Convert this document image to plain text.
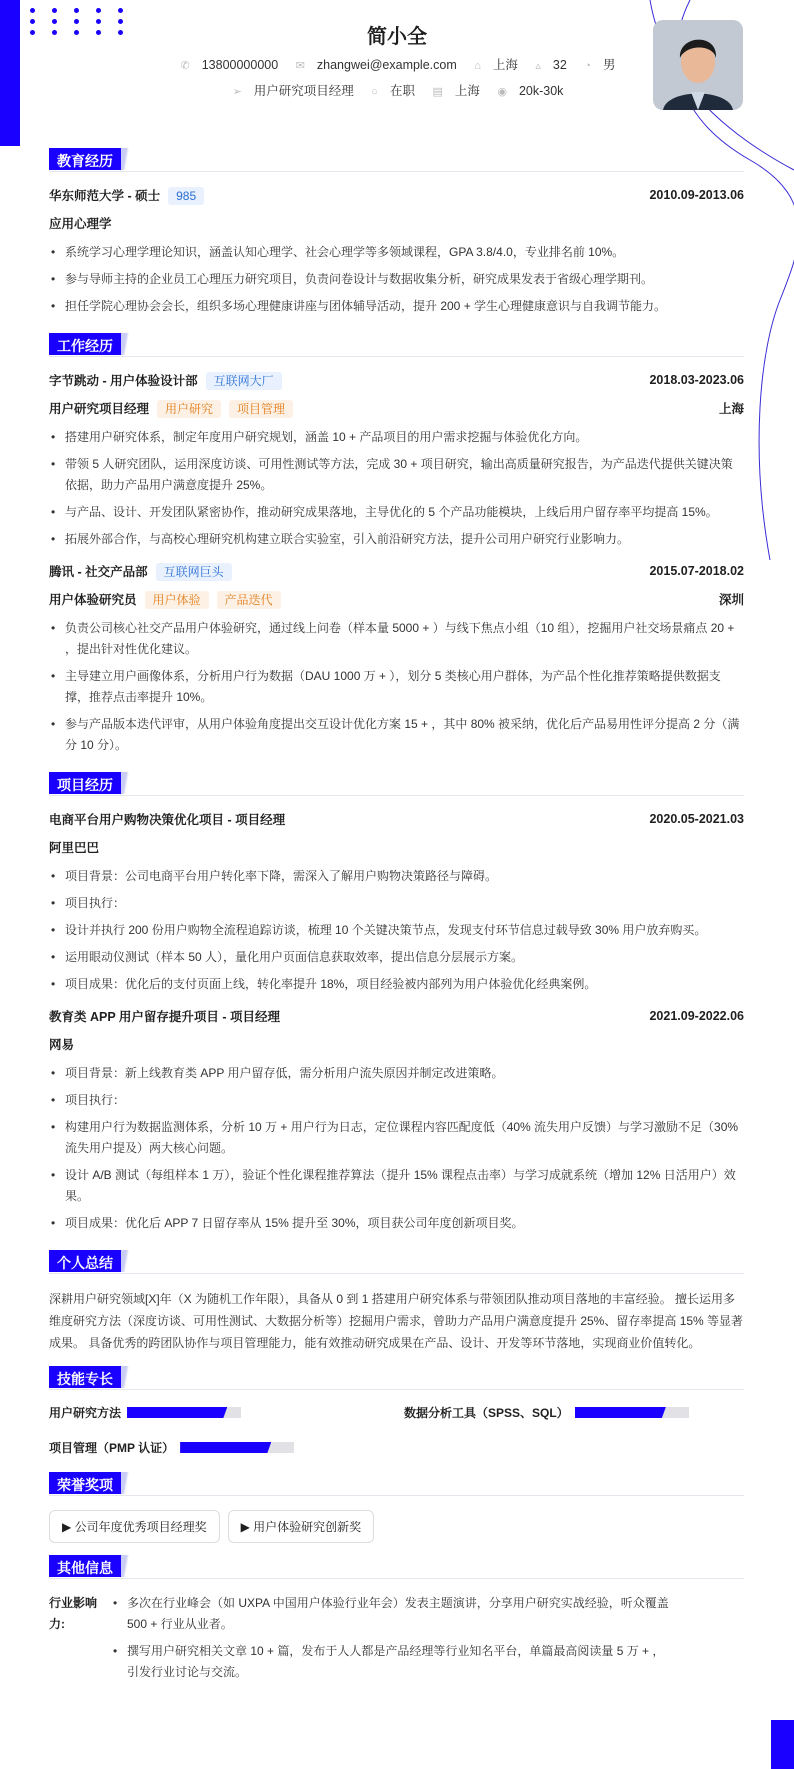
简小全
✆ 13800000000 ✉ zhangwei@example.com ⌂ 上海 ▵ 32 ◔ 男
➢ 用户研究项目经理 ○ 在职 ▤ 上海 ◉ 20k-30k
教育经历
华东师范大学 - 硕士 985	2010.09-2013.06
应用心理学
• 系统学习心理学理论知识，涵盖认知心理学、社会心理学等多领域课程，GPA 3.8/4.0，专业排名前 10%。
• 参与导师主持的企业员工心理压力研究项目，负责问卷设计与数据收集分析，研究成果发表于省级心理学期刊。
• 担任学院心理协会会长，组织多场心理健康讲座与团体辅导活动，提升 200 + 学生心理健康意识与自我调节能力。
工作经历
字节跳动 - 用户体验设计部 互联网大厂	2018.03-2023.06
用户研究项目经理 用户研究 项目管理	上海
• 搭建用户研究体系，制定年度用户研究规划，涵盖 10 + 产品项目的用户需求挖掘与体验优化方向。
• 带领 5 人研究团队，运用深度访谈、可用性测试等方法，完成 30 + 项目研究，输出高质量研究报告，为产品迭代提供关键决策依据，助力产品用户满意度提升 25%。
• 与产品、设计、开发团队紧密协作，推动研究成果落地，主导优化的 5 个产品功能模块，上线后用户留存率平均提高 15%。
• 拓展外部合作，与高校心理研究机构建立联合实验室，引入前沿研究方法，提升公司用户研究行业影响力。
腾讯 - 社交产品部 互联网巨头	2015.07-2018.02
用户体验研究员 用户体验 产品迭代	深圳
• 负责公司核心社交产品用户体验研究，通过线上问卷（样本量 5000 + ）与线下焦点小组（10 组），挖掘用户社交场景痛点 20 + ，提出针对性优化建议。
• 主导建立用户画像体系，分析用户行为数据（DAU 1000 万 + ），划分 5 类核心用户群体，为产品个性化推荐策略提供数据支撑，推荐点击率提升 10%。
• 参与产品版本迭代评审，从用户体验角度提出交互设计优化方案 15 + ，其中 80% 被采纳，优化后产品易用性评分提高 2 分（满分 10 分）。
项目经历
电商平台用户购物决策优化项目 - 项目经理	2020.05-2021.03
阿里巴巴
• 项目背景：公司电商平台用户转化率下降，需深入了解用户购物决策路径与障碍。
• 项目执行：
• 设计并执行 200 份用户购物全流程追踪访谈，梳理 10 个关键决策节点，发现支付环节信息过载导致 30% 用户放弃购买。
• 运用眼动仪测试（样本 50 人），量化用户页面信息获取效率，提出信息分层展示方案。
• 项目成果：优化后的支付页面上线，转化率提升 18%，项目经验被内部列为用户体验优化经典案例。
教育类 APP 用户留存提升项目 - 项目经理	2021.09-2022.06
网易
• 项目背景：新上线教育类 APP 用户留存低，需分析用户流失原因并制定改进策略。
• 项目执行：
• 构建用户行为数据监测体系，分析 10 万 + 用户行为日志，定位课程内容匹配度低（40% 流失用户反馈）与学习激励不足（30% 流失用户提及）两大核心问题。
• 设计 A/B 测试（每组样本 1 万），验证个性化课程推荐算法（提升 15% 课程点击率）与学习成就系统（增加 12% 日活用户）效果。
• 项目成果：优化后 APP 7 日留存率从 15% 提升至 30%，项目获公司年度创新项目奖。
个人总结

深耕用户研究领域[X]年（X 为随机工作年限），具备从 0 到 1 搭建用户研究体系与带领团队推动项目落地的丰富经验。 擅长运用多维度研究方法（深度访谈、可用性测试、大数据分析等）挖掘用户需求，曾助力产品用户满意度提升 25%、留存率提高 15% 等显著成果。 具备优秀的跨团队协作与项目管理能力，能有效推动研究成果在产品、设计、开发等环节落地，实现商业价值转化。

技能专长
用户研究方法	数据分析工具（SPSS、SQL）
项目管理（PMP 认证）
荣誉奖项
▶ 公司年度优秀项目经理奖	▶ 用户体验研究创新奖
其他信息
行业影响力:
• 多次在行业峰会（如 UXPA 中国用户体验行业年会）发表主题演讲，分享用户研究实战经验，听众覆盖 500 + 行业从业者。
• 撰写用户研究相关文章 10 + 篇，发布于人人都是产品经理等行业知名平台，单篇最高阅读量 5 万 + ，引发行业讨论与交流。
